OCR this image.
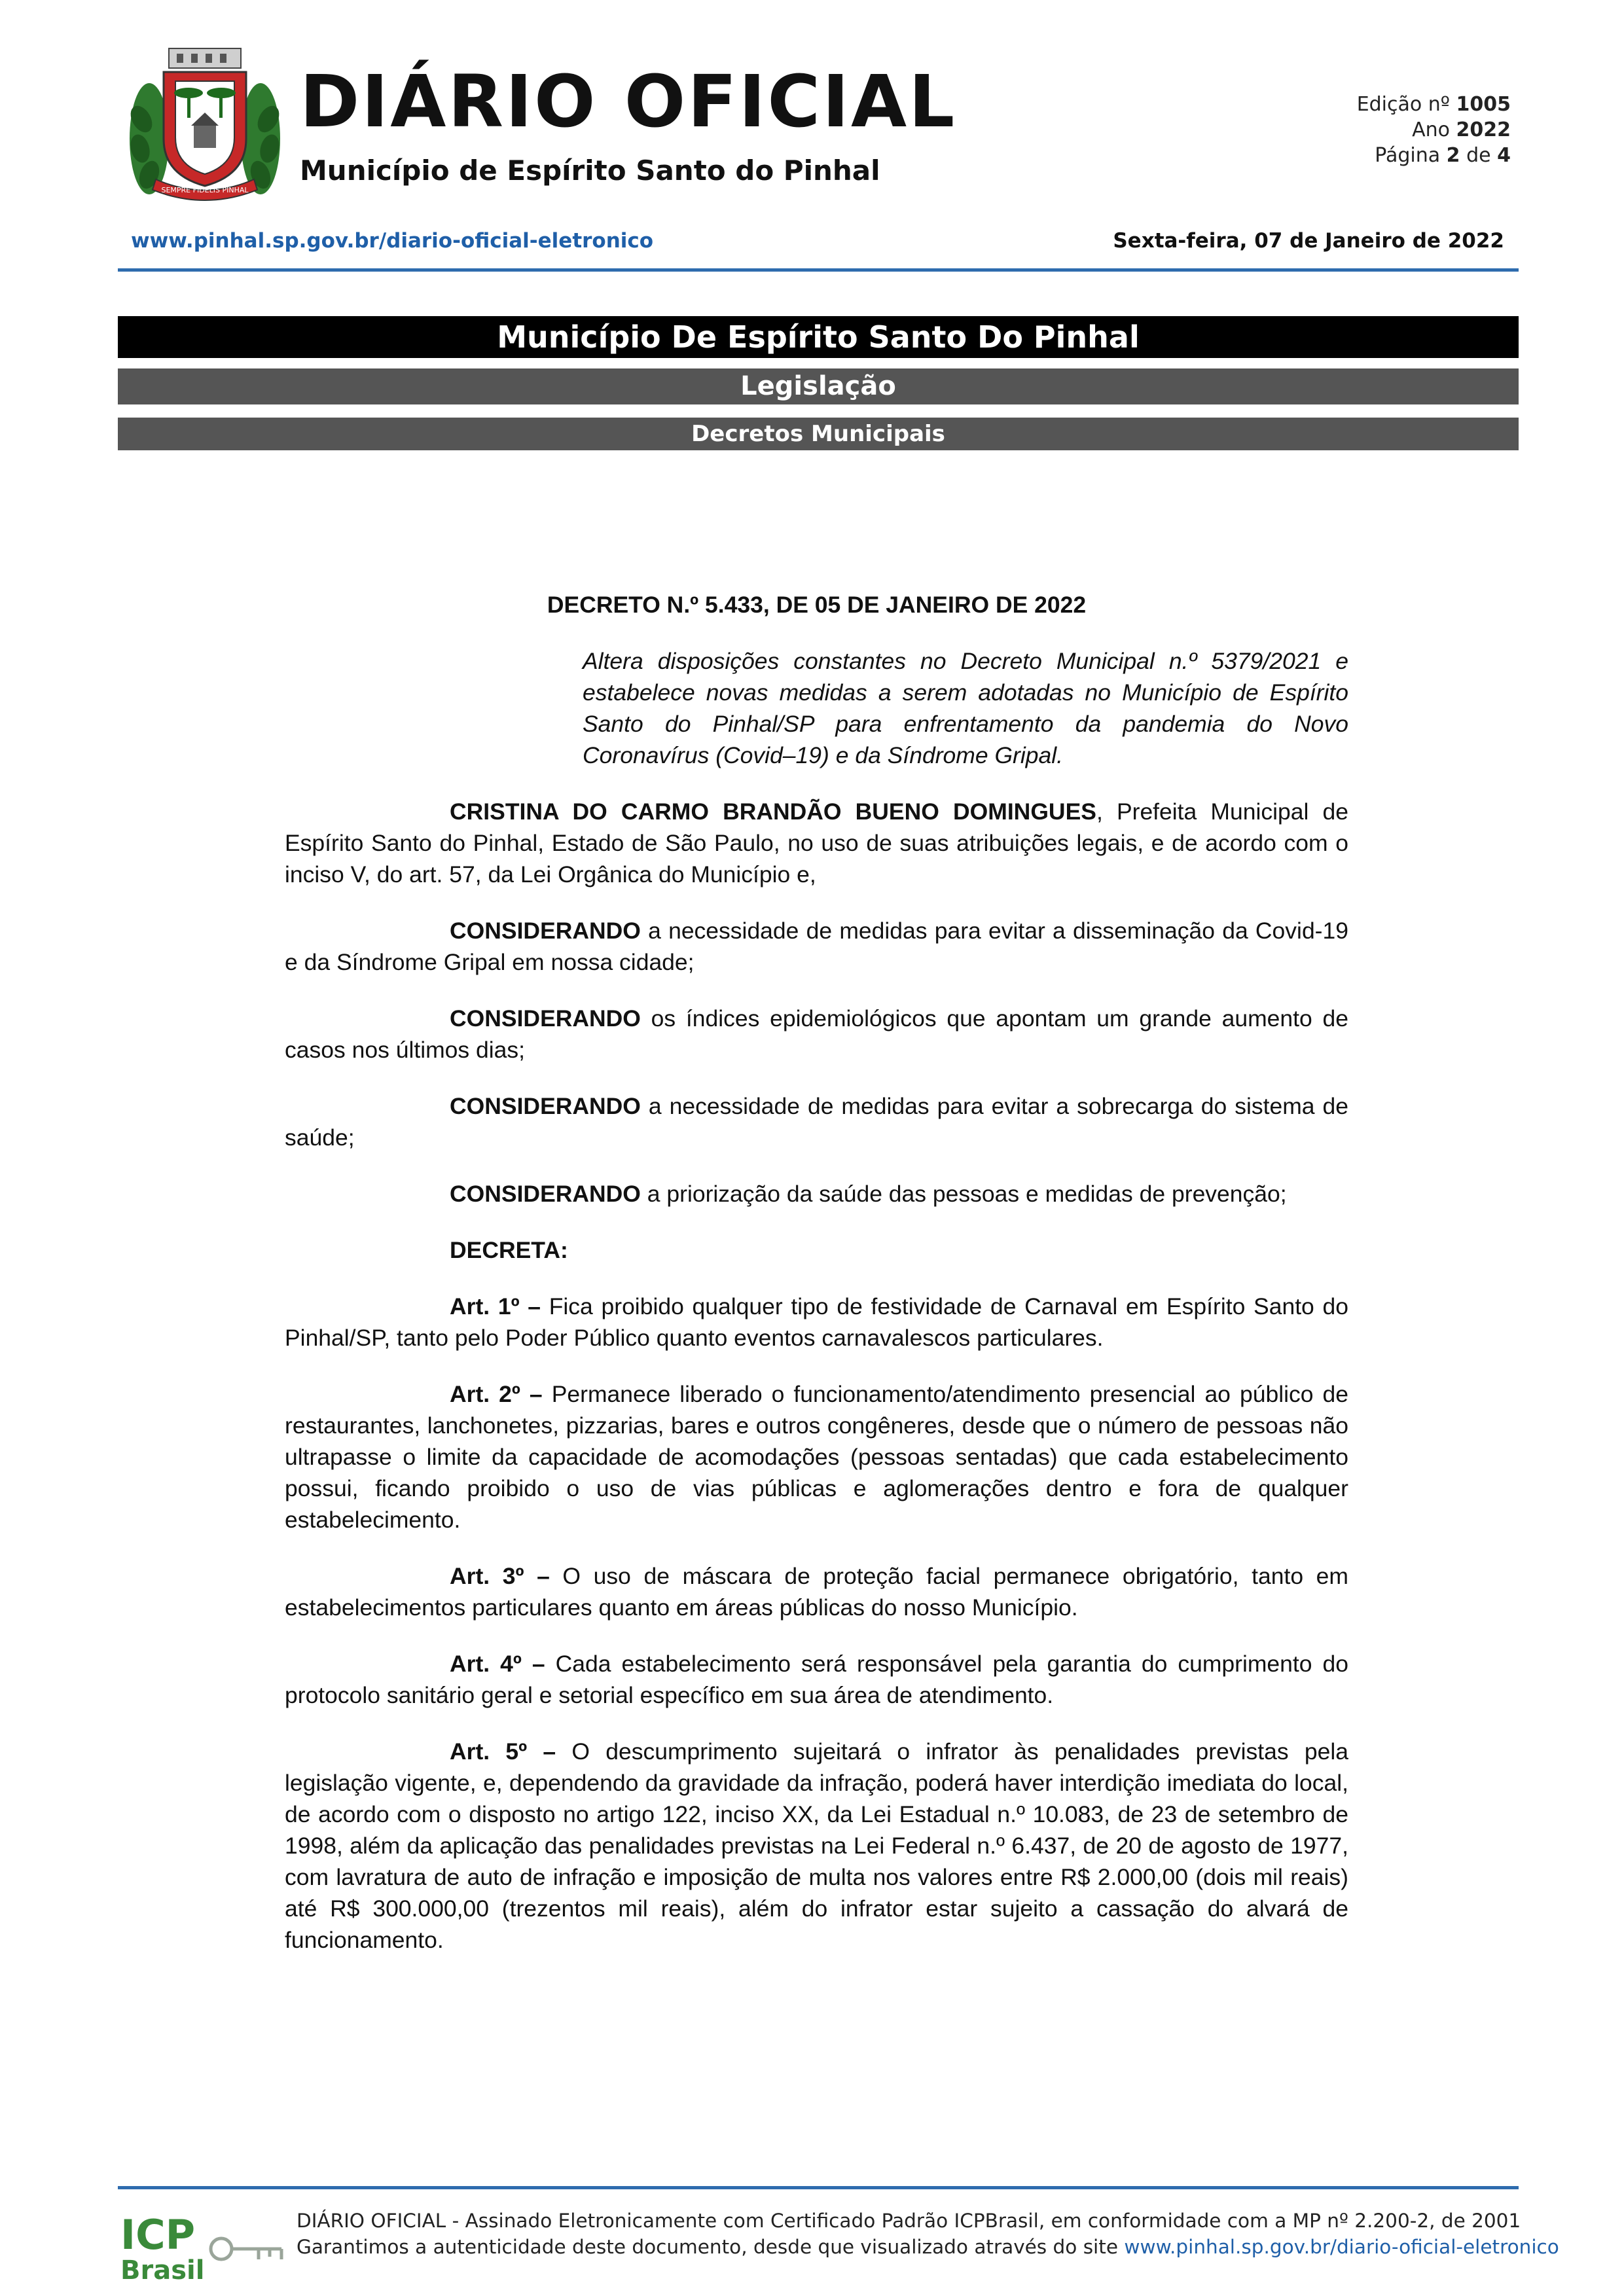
SEMPRE FIDELIS PINHAL
DIÁRIO OFICIAL
Município de Espírito Santo do Pinhal
Edição nº 1005
Ano 2022
Página 2 de 4
www.pinhal.sp.gov.br/diario-oficial-eletronico	Sexta-feira, 07 de Janeiro de 2022
Município De Espírito Santo Do Pinhal
Legislação
Decretos Municipais

DECRETO N.º 5.433, DE 05 DE JANEIRO DE 2022

Altera disposições constantes no Decreto Municipal n.º 5379/2021 e estabelece novas medidas a serem adotadas no Município de Espírito Santo do Pinhal/SP para enfrentamento da pandemia do Novo Coronavírus (Covid–19) e da Síndrome Gripal.

CRISTINA DO CARMO BRANDÃO BUENO DOMINGUES, Prefeita Municipal de Espírito Santo do Pinhal, Estado de São Paulo, no uso de suas atribuições legais, e de acordo com o inciso V, do art. 57, da Lei Orgânica do Município e,

CONSIDERANDO a necessidade de medidas para evitar a disseminação da Covid-19 e da Síndrome Gripal em nossa cidade;

CONSIDERANDO os índices epidemiológicos que apontam um grande aumento de casos nos últimos dias;

CONSIDERANDO a necessidade de medidas para evitar a sobrecarga do sistema de saúde;

CONSIDERANDO a priorização da saúde das pessoas e medidas de prevenção;

DECRETA:

Art. 1º – Fica proibido qualquer tipo de festividade de Carnaval em Espírito Santo do Pinhal/SP, tanto pelo Poder Público quanto eventos carnavalescos particulares.

Art. 2º – Permanece liberado o funcionamento/atendimento presencial ao público de restaurantes, lanchonetes, pizzarias, bares e outros congêneres, desde que o número de pessoas não ultrapasse o limite da capacidade de acomodações (pessoas sentadas) que cada estabelecimento possui, ficando proibido o uso de vias públicas e aglomerações dentro e fora de qualquer estabelecimento.

Art. 3º – O uso de máscara de proteção facial permanece obrigatório, tanto em estabelecimentos particulares quanto em áreas públicas do nosso Município.

Art. 4º – Cada estabelecimento será responsável pela garantia do cumprimento do protocolo sanitário geral e setorial específico em sua área de atendimento.

Art. 5º – O descumprimento sujeitará o infrator às penalidades previstas pela legislação vigente, e, dependendo da gravidade da infração, poderá haver interdição imediata do local, de acordo com o disposto no artigo 122, inciso XX, da Lei Estadual n.º 10.083, de 23 de setembro de 1998, além da aplicação das penalidades previstas na Lei Federal n.º 6.437, de 20 de agosto de 1977, com lavratura de auto de infração e imposição de multa nos valores entre R$ 2.000,00 (dois mil reais) até R$ 300.000,00 (trezentos mil reais), além do infrator estar sujeito a cassação do alvará de funcionamento.

ICP
Brasil
DIÁRIO OFICIAL - Assinado Eletronicamente com Certificado Padrão ICPBrasil, em conformidade com a MP nº 2.200-2, de 2001
Garantimos a autenticidade deste documento, desde que visualizado através do site www.pinhal.sp.gov.br/diario-oficial-eletronico
